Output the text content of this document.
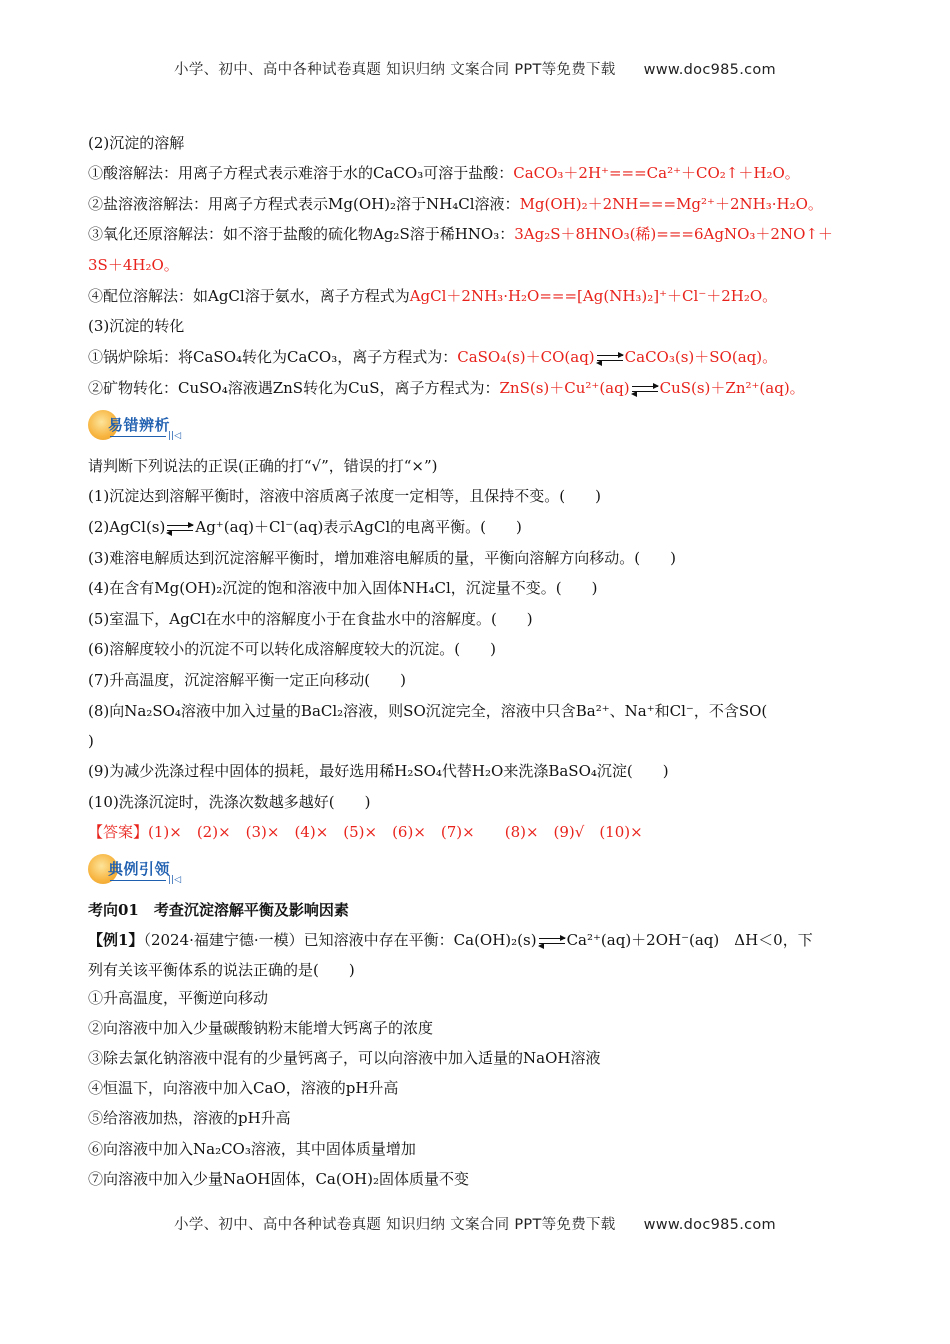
小学、初中、高中各种试卷真题 知识归纳 文案合同 PPT等免费下载 www.doc985.com
(2)沉淀的溶解
①酸溶解法：用离子方程式表示难溶于水的CaCO₃可溶于盐酸：CaCO₃＋2H⁺===Ca²⁺＋CO₂↑＋H₂O。
②盐溶液溶解法：用离子方程式表示Mg(OH)₂溶于NH₄Cl溶液：Mg(OH)₂＋2NH===Mg²⁺＋2NH₃·H₂O。
③氧化还原溶解法：如不溶于盐酸的硫化物Ag₂S溶于稀HNO₃：3Ag₂S＋8HNO₃(稀)===6AgNO₃＋2NO↑＋
3S＋4H₂O。
④配位溶解法：如AgCl溶于氨水，离子方程式为AgCl＋2NH₃·H₂O===[Ag(NH₃)₂]⁺＋Cl⁻＋2H₂O。
(3)沉淀的转化
①锅炉除垢：将CaSO₄转化为CaCO₃，离子方程式为：CaSO₄(s)＋CO(aq) CaCO₃(s)＋SO(aq)。
②矿物转化：CuSO₄溶液遇ZnS转化为CuS，离子方程式为：ZnS(s)＋Cu²⁺(aq) CuS(s)＋Zn²⁺(aq)。
易错辨析
||◁
请判断下列说法的正误(正确的打“√”，错误的打“×”)
(1)沉淀达到溶解平衡时，溶液中溶质离子浓度一定相等，且保持不变。(　　)
(2)AgCl(s) Ag⁺(aq)＋Cl⁻(aq)表示AgCl的电离平衡。(　　)
(3)难溶电解质达到沉淀溶解平衡时，增加难溶电解质的量，平衡向溶解方向移动。(　　)
(4)在含有Mg(OH)₂沉淀的饱和溶液中加入固体NH₄Cl，沉淀量不变。(　　)
(5)室温下，AgCl在水中的溶解度小于在食盐水中的溶解度。(　　)
(6)溶解度较小的沉淀不可以转化成溶解度较大的沉淀。(　　)
(7)升高温度，沉淀溶解平衡一定正向移动(　　)
(8)向Na₂SO₄溶液中加入过量的BaCl₂溶液，则SO沉淀完全，溶液中只含Ba²⁺、Na⁺和Cl⁻，不含SO(
)
(9)为减少洗涤过程中固体的损耗，最好选用稀H₂SO₄代替H₂O来洗涤BaSO₄沉淀(　　)
(10)洗涤沉淀时，洗涤次数越多越好(　　)
【答案】(1)×　(2)×　(3)×　(4)×　(5)×　(6)×　(7)×　　(8)×　(9)√　(10)×
典例引领
||◁
考向01　考查沉淀溶解平衡及影响因素
【例1】（2024·福建宁德·一模）已知溶液中存在平衡：Ca(OH)₂(s) Ca²⁺(aq)＋2OH⁻(aq)　ΔH＜0，下
列有关该平衡体系的说法正确的是(　　)
①升高温度，平衡逆向移动
②向溶液中加入少量碳酸钠粉末能增大钙离子的浓度
③除去氯化钠溶液中混有的少量钙离子，可以向溶液中加入适量的NaOH溶液
④恒温下，向溶液中加入CaO，溶液的pH升高
⑤给溶液加热，溶液的pH升高
⑥向溶液中加入Na₂CO₃溶液，其中固体质量增加
⑦向溶液中加入少量NaOH固体，Ca(OH)₂固体质量不变
小学、初中、高中各种试卷真题 知识归纳 文案合同 PPT等免费下载 www.doc985.com
